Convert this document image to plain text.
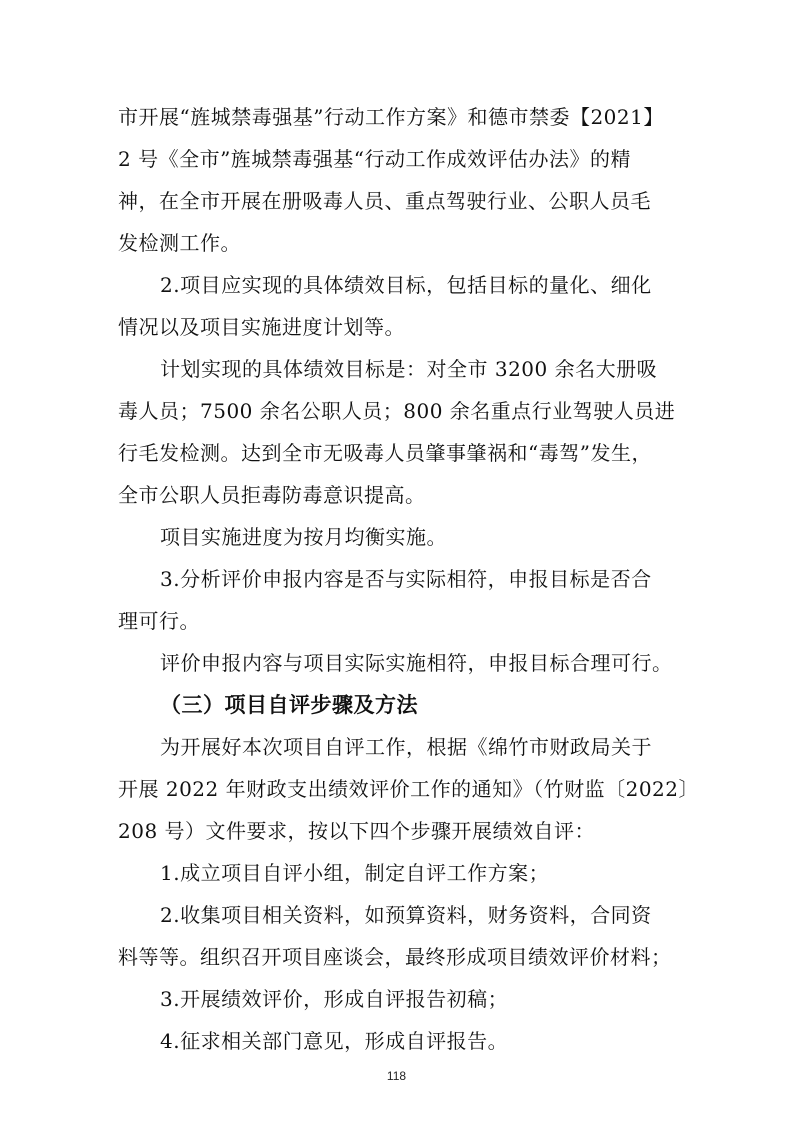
市开展“旌城禁毒强基”行动工作方案》和德市禁委【2021】
2 号《全市”旌城禁毒强基“行动工作成效评估办法》的精
神，在全市开展在册吸毒人员、重点驾驶行业、公职人员毛
发检测工作。
2.项目应实现的具体绩效目标，包括目标的量化、细化
情况以及项目实施进度计划等。
计划实现的具体绩效目标是：对全市 3200 余名大册吸
毒人员；7500 余名公职人员；800 余名重点行业驾驶人员进
行毛发检测。达到全市无吸毒人员肇事肇祸和“毒驾”发生，
全市公职人员拒毒防毒意识提高。
项目实施进度为按月均衡实施。
3.分析评价申报内容是否与实际相符，申报目标是否合
理可行。
评价申报内容与项目实际实施相符，申报目标合理可行。
（三）项目自评步骤及方法
为开展好本次项目自评工作，根据《绵竹市财政局关于
开展 2022 年财政支出绩效评价工作的通知》（竹财监〔2022〕
208 号）文件要求，按以下四个步骤开展绩效自评：
1.成立项目自评小组，制定自评工作方案；
2.收集项目相关资料，如预算资料，财务资料，合同资
料等等。组织召开项目座谈会，最终形成项目绩效评价材料；
3.开展绩效评价，形成自评报告初稿；
4.征求相关部门意见，形成自评报告。
118
